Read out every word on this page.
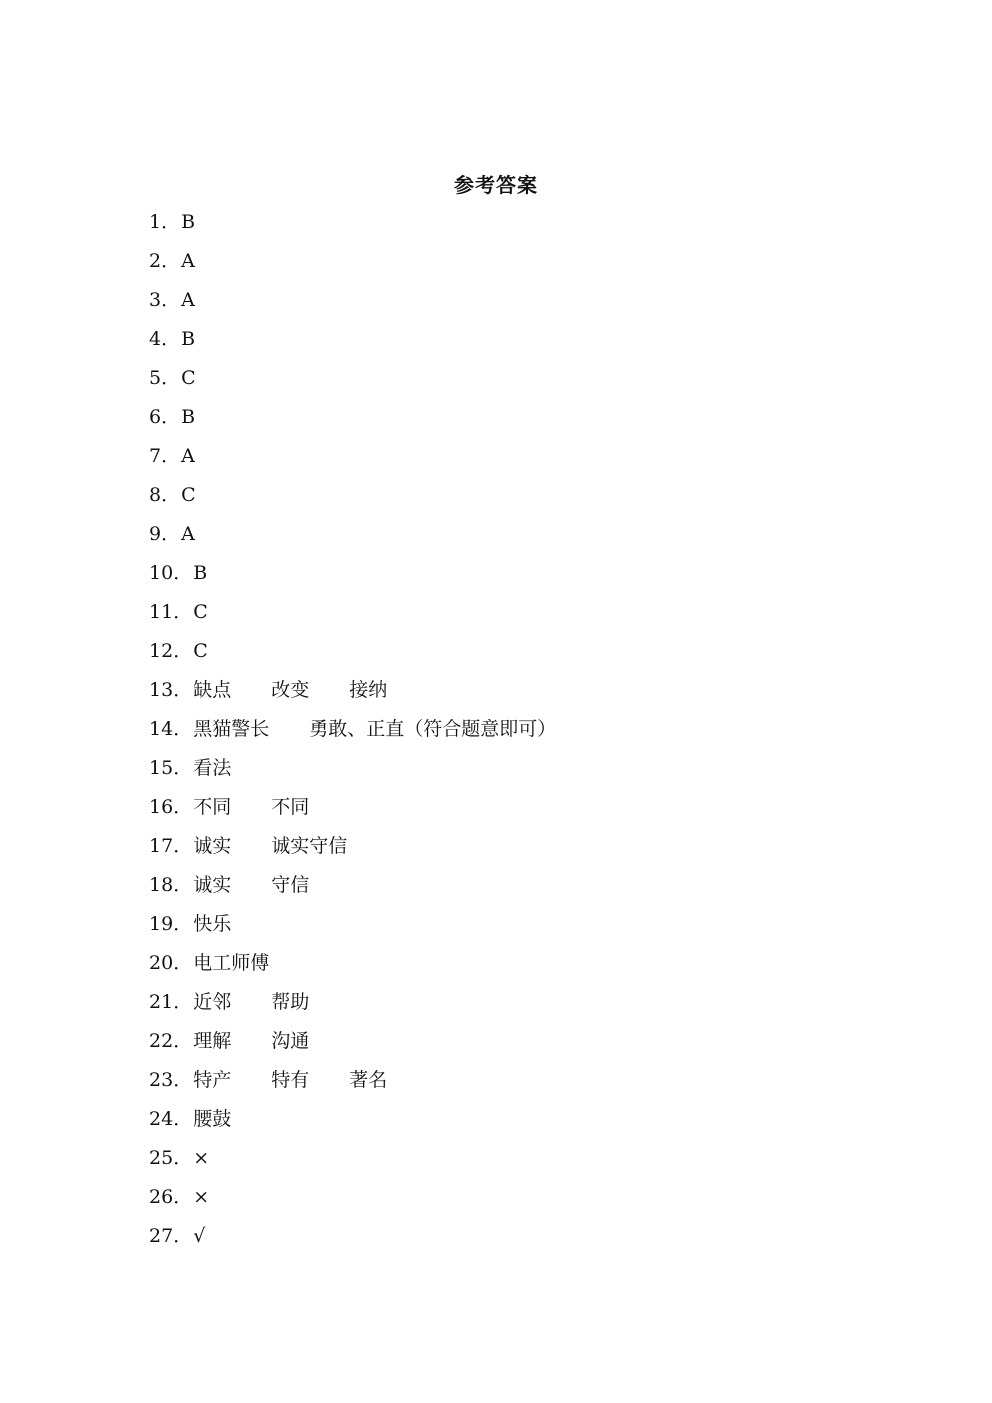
参考答案
1 ． B
2 ． A
3 ． A
4 ． B
5 ． C
6 ． B
7 ． A
8 ． C
9 ． A
10 ． B
11 ． C
12 ． C
13 ． 缺点 改变 接纳
14 ． 黑猫警长 勇敢、正直（符合题意即可）
15 ． 看法
16 ． 不同 不同
17 ． 诚实 诚实守信
18 ． 诚实 守信
19 ． 快乐
20 ． 电工师傅
21 ． 近邻 帮助
22 ． 理解 沟通
23 ． 特产 特有 著名
24 ． 腰鼓
25 ． ×
26 ． ×
27 ． √
